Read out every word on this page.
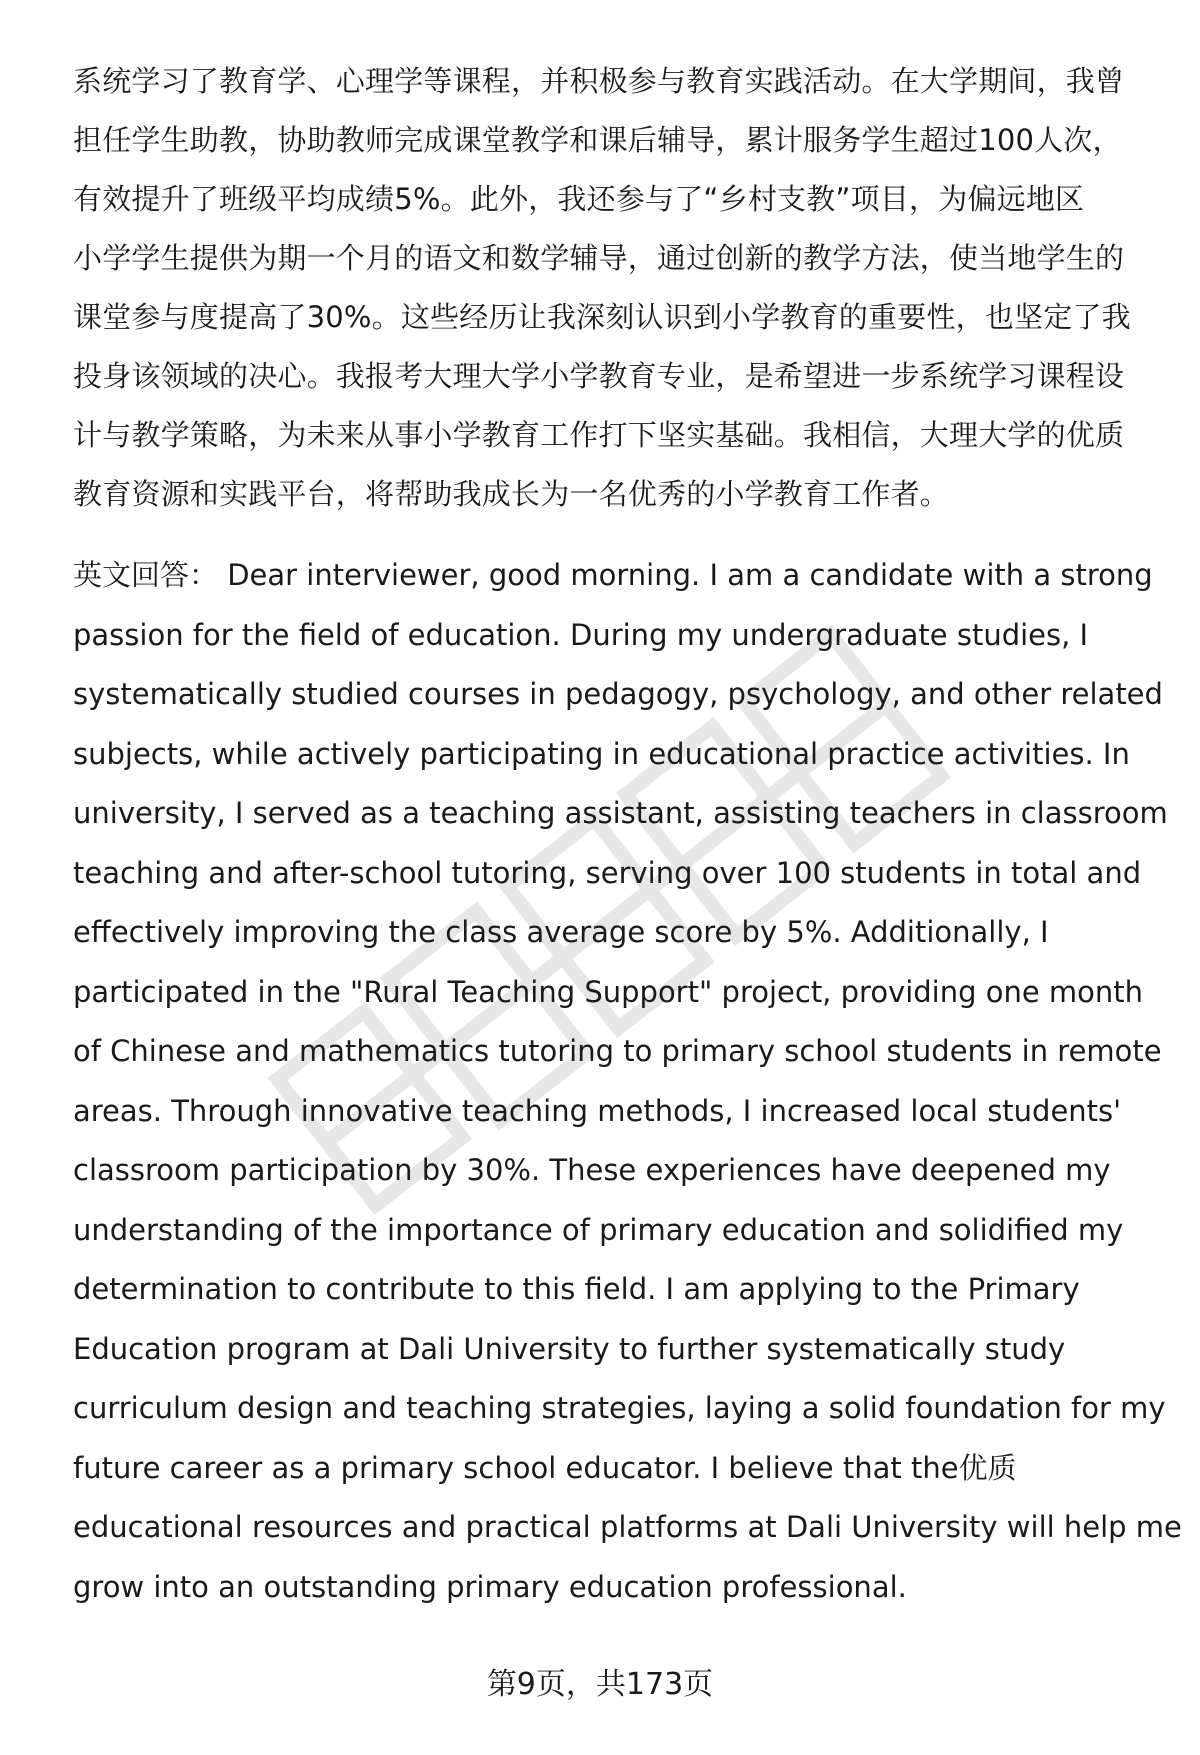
系统学习了教育学、心理学等课程，并积极参与教育实践活动。在大学期间，我曾
担任学生助教，协助教师完成课堂教学和课后辅导，累计服务学生超过100人次，
有效提升了班级平均成绩5%。此外，我还参与了“乡村支教”项目，为偏远地区
小学学生提供为期一个月的语文和数学辅导，通过创新的教学方法，使当地学生的
课堂参与度提高了30%。这些经历让我深刻认识到小学教育的重要性，也坚定了我
投身该领域的决心。我报考大理大学小学教育专业，是希望进一步系统学习课程设
计与教学策略，为未来从事小学教育工作打下坚实基础。我相信，大理大学的优质
教育资源和实践平台，将帮助我成长为一名优秀的小学教育工作者。
英文回答： Dear interviewer, good morning. I am a candidate with a strong
passion for the field of education. During my undergraduate studies, I
systematically studied courses in pedagogy, psychology, and other related
subjects, while actively participating in educational practice activities. In
university, I served as a teaching assistant, assisting teachers in classroom
teaching and after-school tutoring, serving over 100 students in total and
effectively improving the class average score by 5%. Additionally, I
participated in the "Rural Teaching Support" project, providing one month
of Chinese and mathematics tutoring to primary school students in remote
areas. Through innovative teaching methods, I increased local students'
classroom participation by 30%. These experiences have deepened my
understanding of the importance of primary education and solidified my
determination to contribute to this field. I am applying to the Primary
Education program at Dali University to further systematically study
curriculum design and teaching strategies, laying a solid foundation for my
future career as a primary school educator. I believe that the优质
educational resources and practical platforms at Dali University will help me
grow into an outstanding primary education professional.
第9页，共173页
